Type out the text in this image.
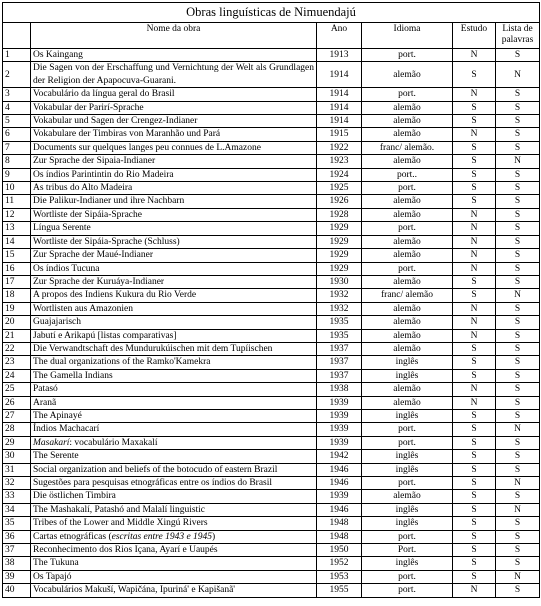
Obras linguísticas de Nimuendajú					
	Nome da obra	Ano	Idioma	Estudo	Lista de palavras
1	Os Kaingang	1913	port.	N	S
2	Die Sagen von der Erschaffung und Vernichtung der Welt als Grundlagen der Religion der Apapocuva-Guarani.	1914	alemão	S	N
3	Vocabulário da língua geral do Brasil	1914	port.	N	S
4	Vokabular der Parirí-Sprache	1914	alemão	S	S
5	Vokabular und Sagen der Crengez-Indianer	1914	alemão	S	S
6	Vokabulare der Timbiras von Maranhão und Pará	1915	alemão	N	S
7	Documents sur quelques langes peu connues de L.Amazone	1922	franc/ alemão.	S	S
8	Zur Sprache der Sipaia-Indianer	1923	alemão	S	N
9	Os índios Parintintin do Rio Madeira	1924	port..	S	S
10	As tribus do Alto Madeira	1925	port.	S	S
11	Die Palikur-Indianer und ihre Nachbarn	1926	alemão	S	S
12	Wortliste der Sipáia-Sprache	1928	alemão	N	S
13	Língua Serente	1929	port.	N	S
14	Wortliste der Sipáia-Sprache (Schluss)	1929	alemão	N	S
15	Zur Sprache der Maué-Indianer	1929	alemão	N	S
16	Os índios Tucuna	1929	port.	N	S
17	Zur Sprache der Kuruáya-Indianer	1930	alemão	S	S
18	A propos des Indiens Kukura du Rio Verde	1932	franc/ alemão	S	N
19	Wortlisten aus Amazonien	1932	alemão	N	S
20	Guajajarisch	1935	alemão	N	S
21	Jabutí e Arikapú [listas comparativas]	1935	alemão	N	S
22	Die Verwandtschaft des Mundurukúischen mit dem Tupíischen	1937	alemão	S	S
23	The dual organizations of the Ramko'Kamekra	1937	inglês	S	S
24	The Gamella Indians	1937	inglês	S	S
25	Patasó	1938	alemão	N	S
26	Aranã	1939	alemão	N	S
27	The Apinayé	1939	inglês	S	S
28	Índios Machacarí	1939	port.	S	N
29	Masakarí: vocabulário Maxakalí	1939	port.	S	S
30	The Serente	1942	inglês	S	S
31	Social organization and beliefs of the botocudo of eastern Brazil	1946	inglês	S	S
32	Sugestões para pesquisas etnográficas entre os índios do Brasil	1946	port.	S	N
33	Die östlichen Timbira	1939	alemão	S	S
34	The Mashakalí, Patashó and Malalí linguistic	1946	inglês	S	N
35	Tribes of the Lower and Middle Xingú Rivers	1948	inglês	S	S
36	Cartas etnográficas (escritas entre 1943 e 1945)	1948	port.	S	S
37	Reconhecimento dos Rios Içana, Ayarí e Uaupés	1950	Port.	S	S
38	The Tukuna	1952	inglês	S	S
39	Os Tapajó	1953	port.	S	N
40	Vocabulários Makuší, Wapičána, Ipuriná' e Kapišanã'	1955	port.	N	S
